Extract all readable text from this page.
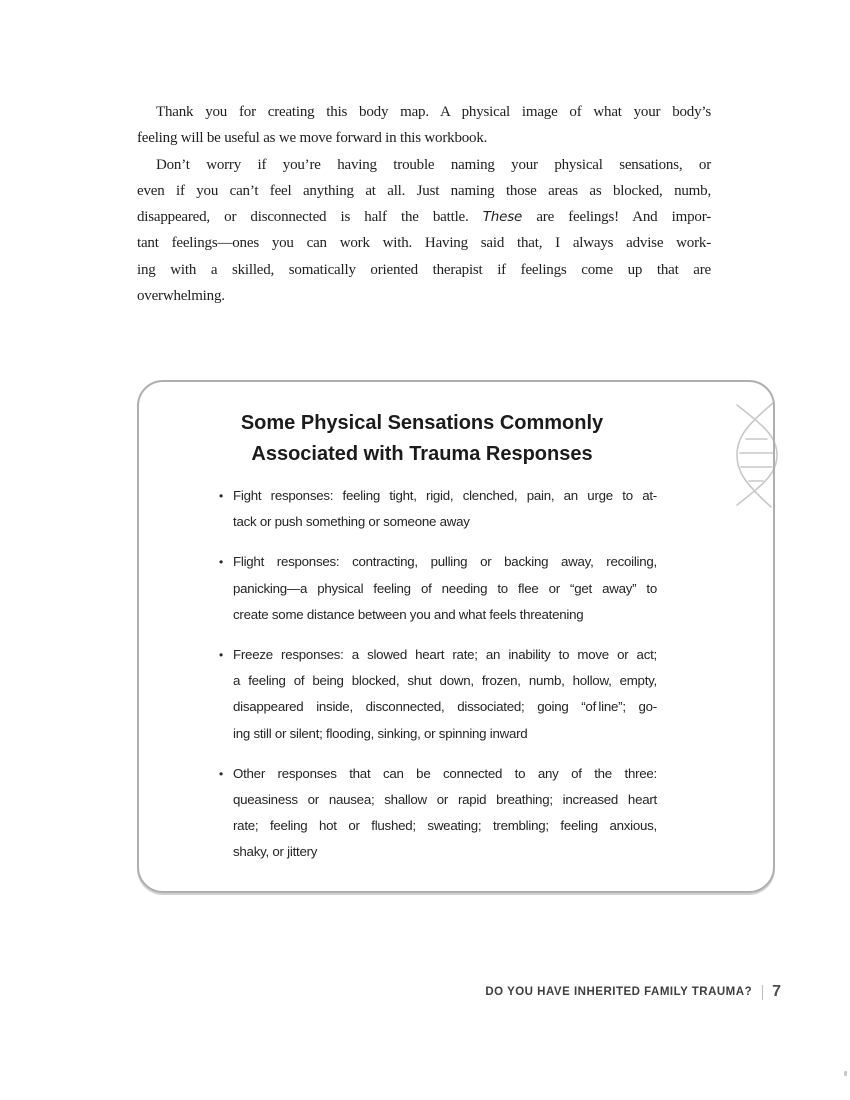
Thank you for creating this body map. A physical image of what your body’s
feeling will be useful as we move forward in this workbook.
Don’t worry if you’re having trouble naming your physical sensations, or
even if you can’t feel anything at all. Just naming those areas as blocked, numb,
disappeared, or disconnected is half the battle. These are feelings! And impor-
tant feelings—ones you can work with. Having said that, I always advise work-
ing with a skilled, somatically oriented therapist if feelings come up that are
overwhelming.
Some Physical Sensations Commonly
Associated with Trauma Responses
• Fight responses: feeling tight, rigid, clenched, pain, an urge to at-
tack or push something or someone away
• Flight responses: contracting, pulling or backing away, recoiling,
panicking—a physical feeling of needing to flee or “get away” to
create some distance between you and what feels threatening
• Freeze responses: a slowed heart rate; an inability to move or act;
a feeling of being blocked, shut down, frozen, numb, hollow, empty,
disappeared inside, disconnected, dissociated; going “of line”; go-
ing still or silent; flooding, sinking, or spinning inward
• Other responses that can be connected to any of the three:
queasiness or nausea; shallow or rapid breathing; increased heart
rate; feeling hot or flushed; sweating; trembling; feeling anxious,
shaky, or jittery
DO YOU HAVE INHERITED FAMILY TRAUMA? 7
